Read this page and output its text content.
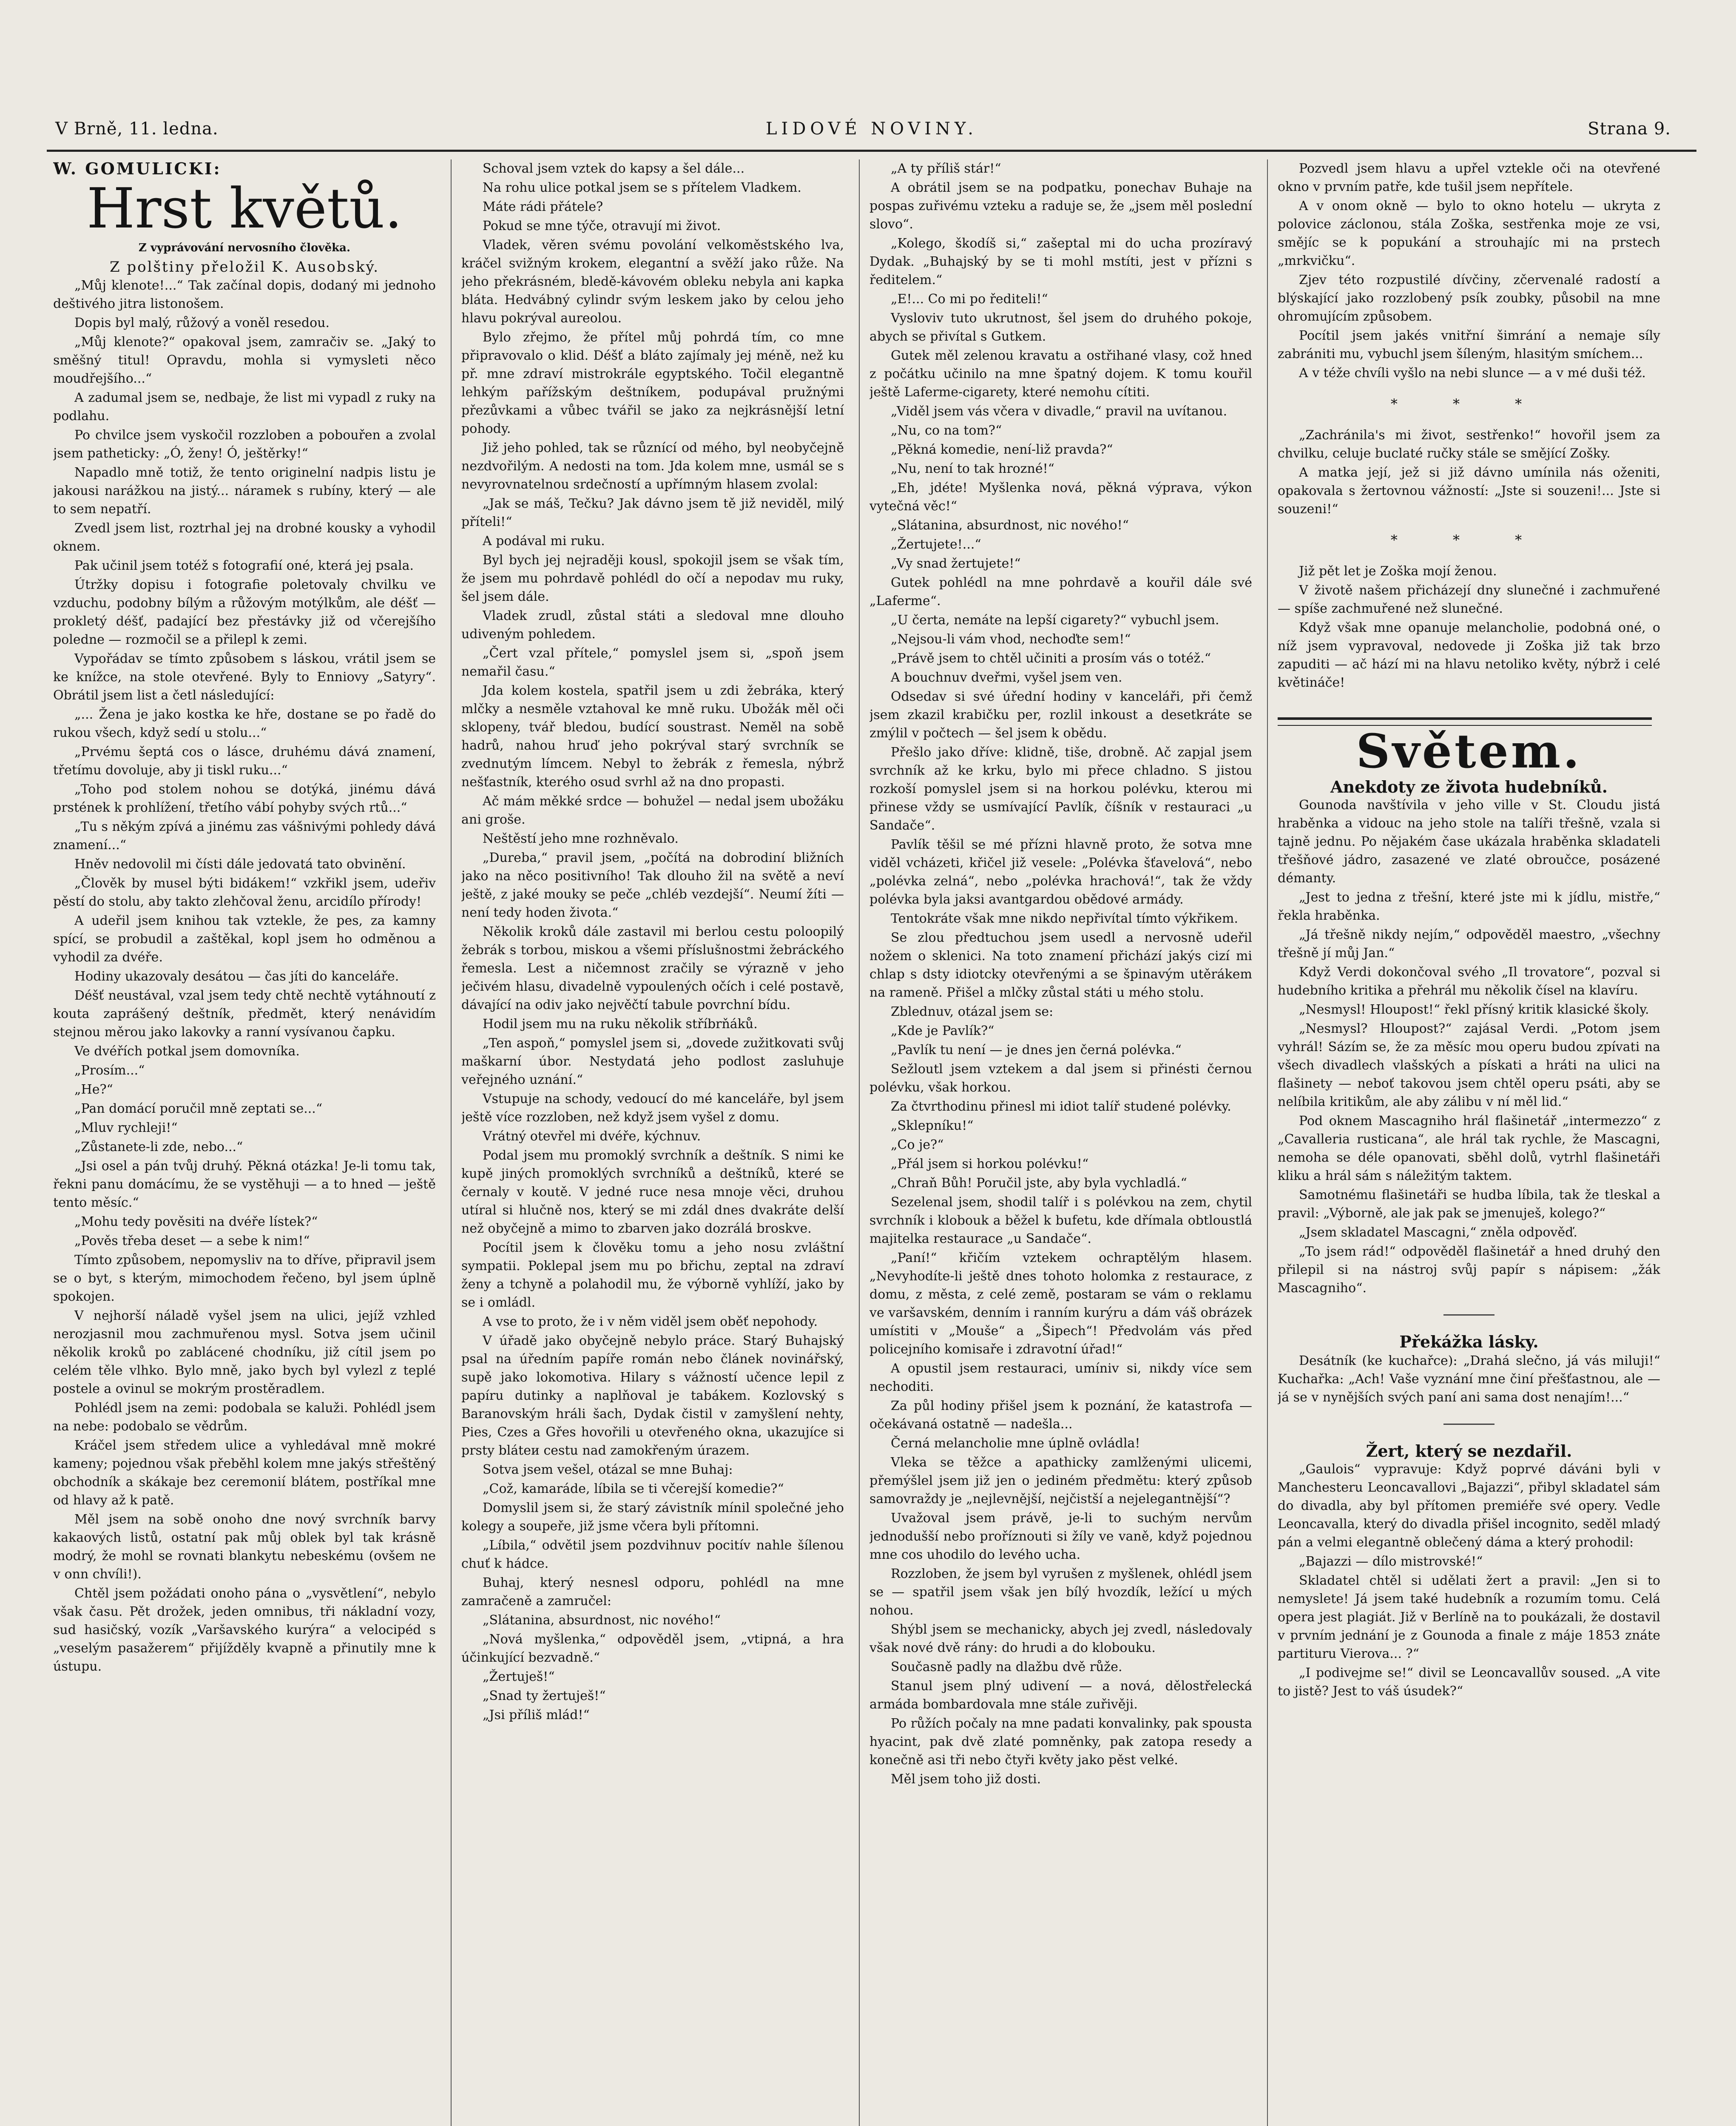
V Brně, 11. ledna.	LIDOVÉ NOVINY.	Strana 9.

W. GOMULICKI:

Hrst květů.

Z vyprávování nervosního člověka.

Z polštiny přeložil K. Ausobský.

„Můj klenote!...“ Tak začínal dopis, dodaný mi jednoho deštivého jitra listonošem.

Dopis byl malý, růžový a voněl resedou.

„Můj klenote?“ opakoval jsem, zamračiv se. „Jaký to směšný titul! Opravdu, mohla si vymysleti něco moudřejšího...“

A zadumal jsem se, nedbaje, že list mi vypadl z ruky na podlahu.

Po chvilce jsem vyskočil rozzloben a pobouřen a zvolal jsem patheticky: „Ó, ženy! Ó, ještěrky!“

Napadlo mně totiž, že tento originelní nadpis listu je jakousi narážkou na jistý... náramek s rubíny, který — ale to sem nepatří.

Zvedl jsem list, roztrhal jej na drobné kousky a vyhodil oknem.

Pak učinil jsem totéž s fotografií oné, která jej psala.

Útržky dopisu i fotografie poletovaly chvilku ve vzduchu, podobny bílým a růžovým motýlkům, ale déšť — prokletý déšť, padající bez přestávky již od včerejšího poledne — rozmočil se a přilepl k zemi.

Vypořádav se tímto způsobem s láskou, vrátil jsem se ke knížce, na stole otevřené. Byly to Enniovy „Satyry“. Obrátil jsem list a četl následující:

„... Žena je jako kostka ke hře, dostane se po řadě do rukou všech, když sedí u stolu...“

„Prvému šeptá cos o lásce, druhému dává znamení, třetímu dovoluje, aby ji tiskl ruku...“

„Toho pod stolem nohou se dotýká, jinému dává prstének k prohlížení, třetího vábí pohyby svých rtů...“

„Tu s někým zpívá a jinému zas vášnivými pohledy dává znamení...“

Hněv nedovolil mi čísti dále jedovatá tato obvinění.

„Člověk by musel býti bidákem!“ vzkřikl jsem, udeřiv pěstí do stolu, aby takto zlehčoval ženu, arcidílo přírody!

A udeřil jsem knihou tak vztekle, že pes, za kamny spící, se probudil a zaštěkal, kopl jsem ho odměnou a vyhodil za dvéře.

Hodiny ukazovaly desátou — čas jíti do kanceláře.

Déšť neustával, vzal jsem tedy chtě nechtě vytáhnoutí z kouta zaprášený deštník, předmět, který nenávidím stejnou měrou jako lakovky a ranní vysívanou čapku.

Ve dvéřích potkal jsem domovníka.

„Prosím...“

„He?“

„Pan domácí poručil mně zeptati se...“

„Mluv rychleji!“

„Zůstanete-li zde, nebo...“

„Jsi osel a pán tvůj druhý. Pěkná otázka! Je-li tomu tak, řekni panu domácímu, že se vystěhuji — a to hned — ještě tento měsíc.“

„Mohu tedy pověsiti na dvéře lístek?“

„Pověs třeba deset — a sebe k nim!“

Tímto způsobem, nepomysliv na to dříve, připravil jsem se o byt, s kterým, mimochodem řečeno, byl jsem úplně spokojen.

V nejhorší náladě vyšel jsem na ulici, jejíž vzhled nerozjasnil mou zachmuřenou mysl. Sotva jsem učinil několik kroků po zablácené chodníku, již cítil jsem po celém těle vlhko. Bylo mně, jako bych byl vylezl z teplé postele a ovinul se mokrým prostěradlem.

Pohlédl jsem na zemi: podobala se kaluži. Pohlédl jsem na nebe: podobalo se vědrům.

Kráčel jsem středem ulice a vyhledával mně mokré kameny; pojednou však přeběhl kolem mne jakýs střeštěný obchodník a skákaje bez ceremonií blátem, postříkal mne od hlavy až k patě.

Měl jsem na sobě onoho dne nový svrchník barvy kakaových listů, ostatní pak můj oblek byl tak krásně modrý, že mohl se rovnati blankytu nebeskému (ovšem ne v onn chvíli!).

Chtěl jsem požádati onoho pána o „vysvětlení“, nebylo však času. Pět drožek, jeden omnibus, tři nákladní vozy, sud hasičský, vozík „Varšavského kurýra“ a velocipéd s „veselým pasažerem“ přijížděly kvapně a přinutily mne k ústupu.

Schoval jsem vztek do kapsy a šel dále...

Na rohu ulice potkal jsem se s přítelem Vladkem.

Máte rádi přátele?

Pokud se mne týče, otravují mi život.

Vladek, věren svému povolání velkoměstského lva, kráčel svižným krokem, elegantní a svěží jako růže. Na jeho překrásném, bledě-kávovém obleku nebyla ani kapka bláta. Hedvábný cylindr svým leskem jako by celou jeho hlavu pokrýval aureolou.

Bylo zřejmo, že přítel můj pohrdá tím, co mne připravovalo o klid. Déšť a bláto zajímaly jej méně, než ku př. mne zdraví mistrokrále egyptského. Točil elegantně lehkým pařížským deštníkem, podupával pružnými přezůvkami a vůbec tvářil se jako za nejkrásnější letní pohody.

Již jeho pohled, tak se různící od mého, byl neobyčejně nezdvořilým. A nedosti na tom. Jda kolem mne, usmál se s nevyrovnatelnou srdečností a upřímným hlasem zvolal:

„Jak se máš, Tečku? Jak dávno jsem tě již neviděl, milý příteli!“

A podával mi ruku.

Byl bych jej nejraději kousl, spokojil jsem se však tím, že jsem mu pohrdavě pohlédl do očí a nepodav mu ruky, šel jsem dále.

Vladek zrudl, zůstal státi a sledoval mne dlouho udiveným pohledem.

„Čert vzal přítele,“ pomyslel jsem si, „spoň jsem nemařil času.“

Jda kolem kostela, spatřil jsem u zdi žebráka, který mlčky a nesměle vztahoval ke mně ruku. Ubožák měl oči sklopeny, tvář bledou, budící soustrast. Neměl na sobě hadrů, nahou hruď jeho pokrýval starý svrchník se zvednutým límcem. Nebyl to žebrák z řemesla, nýbrž nešťastník, kterého osud svrhl až na dno propasti.

Ač mám měkké srdce — bohužel — nedal jsem ubožáku ani groše.

Neštěstí jeho mne rozhněvalo.

„Dureba,“ pravil jsem, „počítá na dobrodiní bližních jako na něco positivního! Tak dlouho žil na světě a neví ještě, z jaké mouky se peče „chléb vezdejší“. Neumí žíti — není tedy hoden života.“

Několik kroků dále zastavil mi berlou cestu poloopilý žebrák s torbou, miskou a všemi příslušnostmi žebráckého řemesla. Lest a ničemnost zračily se výrazně v jeho ječivém hlasu, divadelně vypoulených očích i celé postavě, dávající na odiv jako nejvěčtí tabule povrchní bídu.

Hodil jsem mu na ruku několik stříbrňáků.

„Ten aspoň,“ pomyslel jsem si, „dovede zužitkovati svůj maškarní úbor. Nestydatá jeho podlost zasluhuje veřejného uznání.“

Vstupuje na schody, vedoucí do mé kanceláře, byl jsem ještě více rozzloben, než když jsem vyšel z domu.

Vrátný otevřel mi dvéře, kýchnuv.

Podal jsem mu promoklý svrchník a deštník. S nimi ke kupě jiných promoklých svrchníků a deštníků, které se černaly v koutě. V jedné ruce nesa mnoje věci, druhou utíral si hlučně nos, který se mi zdál dnes dvakráte delší než obyčejně a mimo to zbarven jako dozrálá broskve.

Pocítil jsem k člověku tomu a jeho nosu zvláštní sympatii. Poklepal jsem mu po břichu, zeptal na zdraví ženy a tchyně a polahodil mu, že výborně vyhlíží, jako by se i omládl.

A vse to proto, že i v něm viděl jsem oběť nepohody.

V úřadě jako obyčejně nebylo práce. Starý Buhajský psal na úředním papíře román nebo článek novinářský, supě jako lokomotiva. Hilary s vážností učence lepil z papíru dutinky a naplňoval je tabákem. Kozlovský s Baranovským hráli šach, Dydak čistil v zamyšlení nehty, Pies, Czes a Gřes hovořili u otevřeného okna, ukazujíce si prsty bláteи cestu nad zamokřeným úrazem.

Sotva jsem vešel, otázal se mne Buhaj:

„Což, kamaráde, líbila se ti včerejší komedie?“

Domyslil jsem si, že starý závistník mínil společné jeho kolegy a soupeře, již jsme včera byli přítomni.

„Líbila,“ odvětil jsem pozdvihnuv pocitív nahle šílenou chuť k hádce.

Buhaj, který nesnesl odporu, pohlédl na mne zamračeně a zamručel:

„Slátanina, absurdnost, nic nového!“

„Nová myšlenka,“ odpověděl jsem, „vtipná, a hra účinkující bezvadně.“

„Žertuješ!“

„Snad ty žertuješ!“

„Jsi příliš mlád!“

„A ty příliš stár!“

A obrátil jsem se na podpatku, ponechav Buhaje na pospas zuřivému vzteku a raduje se, že „jsem měl poslední slovo“.

„Kolego, škodíš si,“ zašeptal mi do ucha prozíravý Dydak. „Buhajský by se ti mohl mstíti, jest v přízni s ředitelem.“

„E!... Co mi po řediteli!“

Vysloviv tuto ukrutnost, šel jsem do druhého pokoje, abych se přivítal s Gutkem.

Gutek měl zelenou kravatu a ostřihané vlasy, což hned z počátku učinilo na mne špatný dojem. K tomu kouřil ještě Laferme-cigarety, které nemohu cítiti.

„Viděl jsem vás včera v divadle,“ pravil na uvítanou.

„Nu, co na tom?“

„Pěkná komedie, není-liž pravda?“

„Nu, není to tak hrozné!“

„Eh, jdéte! Myšlenka nová, pěkná výprava, výkon vytečná věc!“

„Slátanina, absurdnost, nic nového!“

„Žertujete!...“

„Vy snad žertujete!“

Gutek pohlédl na mne pohrdavě a kouřil dále své „Laferme“.

„U čerta, nemáte na lepší cigarety?“ vybuchl jsem.

„Nejsou-li vám vhod, nechoďte sem!“

„Právě jsem to chtěl učiniti a prosím vás o totéž.“

A bouchnuv dveřmi, vyšel jsem ven.

Odsedav si své úřední hodiny v kanceláři, při čemž jsem zkazil krabičku per, rozlil inkoust a desetkráte se zmýlil v počtech — šel jsem k obědu.

Přešlo jako dříve: klidně, tiše, drobně. Ač zapjal jsem svrchník až ke krku, bylo mi přece chladno. S jistou rozkoší pomyslel jsem si na horkou polévku, kterou mi přinese vždy se usmívající Pavlík, číšník v restauraci „u Sandače“.

Pavlík těšil se mé přízni hlavně proto, že sotva mne viděl vcházeti, křičel již vesele: „Polévka šťavelová“, nebo „polévka zelná“, nebo „polévka hrachová!“, tak že vždy polévka byla jaksi avantgardou obědové armády.

Tentokráte však mne nikdo nepřivítal tímto výkřikem.

Se zlou předtuchou jsem usedl a nervosně udeřil nožem o sklenici. Na toto znamení přichází jakýs cizí mi chlap s dsty idiotcky otevřenými a se špinavým utěrákem na rameně. Přišel a mlčky zůstal státi u mého stolu.

Zblednuv, otázal jsem se:

„Kde je Pavlík?“

„Pavlík tu není — je dnes jen černá polévka.“

Sežloutl jsem vztekem a dal jsem si přinésti černou polévku, však horkou.

Za čtvrthodinu přinesl mi idiot talíř studené polévky.

„Sklepníku!“

„Co je?“

„Přál jsem si horkou polévku!“

„Chraň Bůh! Poručil jste, aby byla vychladlá.“

Sezelenal jsem, shodil talíř i s polévkou na zem, chytil svrchník i klobouk a běžel k bufetu, kde dřímala obtloustlá majitelka restaurace „u Sandače“.

„Paní!“ křičím vztekem ochraptělým hlasem. „Nevyhodíte-li ještě dnes tohoto holomka z restaurace, z domu, z města, z celé země, postaram se vám o reklamu ve varšavském, denním i ranním kurýru a dám váš obrázek umístiti v „Mouše“ a „Šipech“! Předvolám vás před policejního komisaře i zdravotní úřad!“

A opustil jsem restauraci, umíniv si, nikdy více sem nechoditi.

Za půl hodiny přišel jsem k poznání, že katastrofa — očekávaná ostatně — nadešla...

Černá melancholie mne úplně ovládla!

Vleka se těžce a apathicky zamlženými ulicemi, přemýšlel jsem již jen o jediném předmětu: který způsob samovraždy je „nejlevnější, nejčistší a nejelegantnější“?

Uvažoval jsem právě, je-li to suchým nervům jednodušší nebo proříznouti si žíly ve vaně, když pojednou mne cos uhodilo do levého ucha.

Rozzloben, že jsem byl vyrušen z myšlenek, ohlédl jsem se — spatřil jsem však jen bílý hvozdík, ležící u mých nohou.

Shýbl jsem se mechanicky, abych jej zvedl, následovaly však nové dvě rány: do hrudi a do klobouku.

Současně padly na dlažbu dvě růže.

Stanul jsem plný udivení — a nová, dělostřelecká armáda bombardovala mne stále zuřivěji.

Po růžích počaly na mne padati konvalinky, pak spousta hyacint, pak dvě zlaté pomněnky, pak zatopa resedy a konečně asi tři nebo čtyři květy jako pěst velké.

Měl jsem toho již dosti.

Pozvedl jsem hlavu a upřel vztekle oči na otevřené okno v prvním patře, kde tušil jsem nepřítele.

A v onom okně — bylo to okno hotelu — ukryta z polovice záclonou, stála Zoška, sestřenka moje ze vsi, smějíc se k popukání a strouhajíc mi na prstech „mrkvičku“.

Zjev této rozpustilé dívčiny, zčervenalé radostí a blýskající jako rozzlobený psík zoubky, působil na mne ohromujícím způsobem.

Pocítil jsem jakés vnitřní šimrání a nemaje síly zabrániti mu, vybuchl jsem šíleným, hlasitým smíchem...

A v téže chvíli vyšlo na nebi slunce — a v mé duši též.

* * *

„Zachránila's mi život, sestřenko!“ hovořil jsem za chvilku, celuje buclaté ručky stále se smějící Zošky.

A matka její, jež si již dávno umínila nás oženiti, opakovala s žertovnou vážností: „Jste si souzeni!... Jste si souzeni!“

* * *

Již pět let je Zoška mojí ženou.

V životě našem přicházejí dny slunečné i zachmuřené — spíše zachmuřené než slunečné.

Když však mne opanuje melancholie, podobná oné, o níž jsem vypravoval, nedovede ji Zoška již tak brzo zapuditi — ač hází mi na hlavu netoliko květy, nýbrž i celé květináče!

Světem.

Anekdoty ze života hudebníků.

Gounoda navštívila v jeho ville v St. Cloudu jistá hraběnka a vidouc na jeho stole na talíři třešně, vzala si tajně jednu. Po nějakém čase ukázala hraběnka skladateli třešňové jádro, zasazené ve zlaté obroučce, posázené démanty.

„Jest to jedna z třešní, které jste mi k jídlu, mistře,“ řekla hraběnka.

„Já třešně nikdy nejím,“ odpověděl maestro, „všechny třešně jí můj Jan.“

Když Verdi dokončoval svého „Il trovatore“, pozval si hudebního kritika a přehrál mu několik čísel na klavíru.

„Nesmysl! Hloupost!“ řekl přísný kritik klasické školy.

„Nesmysl? Hloupost?“ zajásal Verdi. „Potom jsem vyhrál! Sázím se, že za měsíc mou operu budou zpívati na všech divadlech vlašských a pískati a hráti na ulici na flašinety — neboť takovou jsem chtěl operu psáti, aby se nelíbila kritikům, ale aby zálibu v ní měl lid.“

Pod oknem Mascagniho hrál flašinetář „intermezzo“ z „Cavalleria rusticana“, ale hrál tak rychle, že Mascagni, nemoha se déle opanovati, sběhl dolů, vytrhl flašinetáři kliku a hrál sám s náležitým taktem.

Samotnému flašinetáři se hudba líbila, tak že tleskal a pravil: „Výborně, ale jak pak se jmenuješ, kolego?“

„Jsem skladatel Mascagni,“ zněla odpověď.

„To jsem rád!“ odpověděl flašinetář a hned druhý den přilepil si na nástroj svůj papír s nápisem: „žák Mascagniho“.

Překážka lásky.

Desátník (ke kuchařce): „Drahá slečno, já vás miluji!“ Kuchařka: „Ach! Vaše vyznání mne činí přešťastnou, ale — já se v nynějších svých paní ani sama dost nenajím!...“

Žert, který se nezdařil.

„Gaulois“ vypravuje: Když poprvé dáváni byli v Manchesteru Leoncavallovi „Bajazzi“, přibyl skladatel sám do divadla, aby byl přítomen premiéře své opery. Vedle Leoncavalla, který do divadla přišel incognito, seděl mladý pán a velmi elegantně oblečený dáma a který prohodil:

„Bajazzi — dílo mistrovské!“

Skladatel chtěl si udělati žert a pravil: „Jen si to nemyslete! Já jsem také hudebník a rozumím tomu. Celá opera jest plagiát. Již v Berlíně na to poukázali, že dostavil v prvním jednání je z Gounoda a finale z máje 1853 znáte partituru Vierova... ?“

„I podivejme se!“ divil se Leoncavallův soused. „A vite to jistě? Jest to váš úsudek?“
